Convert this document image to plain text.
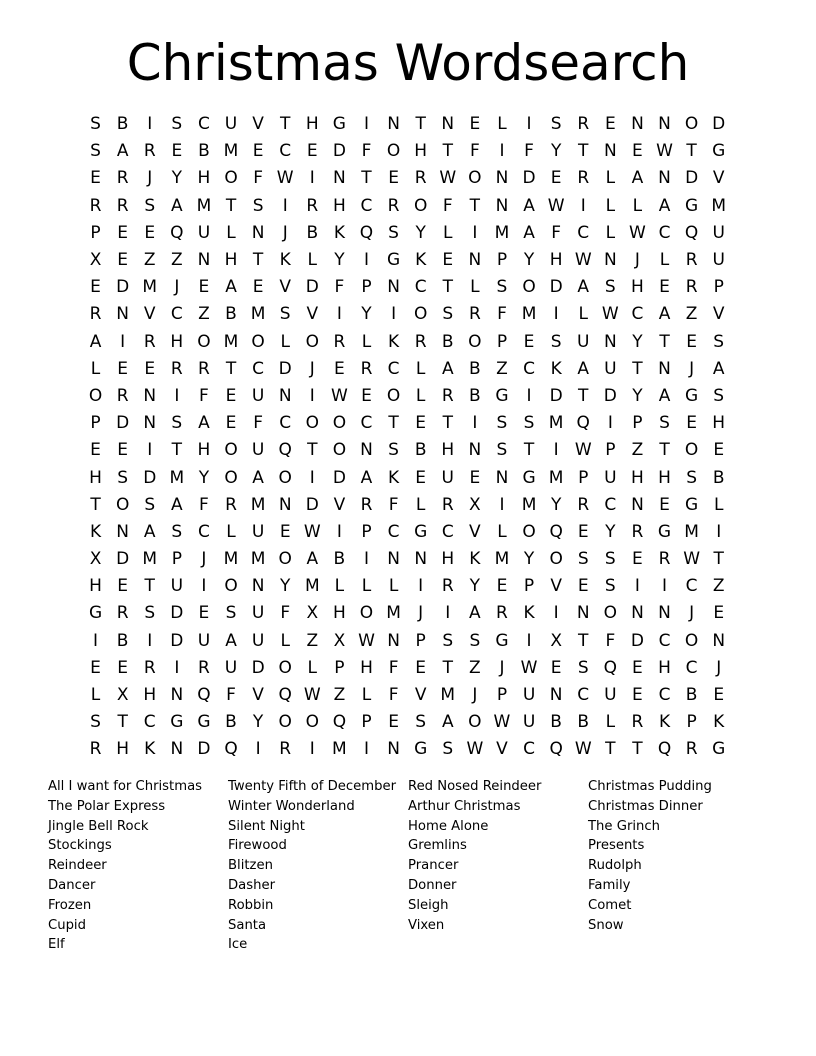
Christmas Wordsearch
S B	I	S C U V T H G	I	N T N E L	I	S R E N N O D
S A R E B M E C E D F O H T	F	I	F	Y T N E W T G
E R	J	Y H O F W I	N T E R W O N D E R L A N D V
R R S A M T S	I	R H C R O F	T N A W I	L	L A G M
P E E Q U L N	J	B K Q S Y	L	I	M A F C L W C Q U
X E Z Z N H T K L	Y	I	G K E N P Y H W N	J	L R U
E D M	J	E A E V D F	P N C T	L S O D A S H E R P
R N V C Z B M S V	I	Y	I	O S R F M	I	L W C A Z V
A	I	R H O M O L O R L K R B O P E S U N Y T E S
L E E R R T C D	J	E R C L A B Z C K A U T N	J	A
O R N	I	F E U N	I W E O L R B G	I	D T D Y A G S
P D N S A E F C O O C T E T	I	S S M Q	I	P S E H
E E	I	T H O U Q T O N S B H N S T	I W P Z T O E
H S D M Y O A O	I	D A K E U E N G M P U H H S B
T O S A F R M N D V R F	L R X	I	M Y R C N E G L
K N A S C L U E W I	P C G C V L O Q E Y R G M	I
X D M P	J	M M O A B	I	N N H K M Y O S S E R W T
H E T U	I	O N Y M L	L	L	I	R Y E P V E S	I	I	C Z
G R S D E S U F X H O M	J	I	A R K	I	N O N N	J	E
I	B	I	D U A U L Z X W N P S S G	I	X T	F D C O N
E E R	I	R U D O L	P H F E T Z	J W E S Q E H C	J
L X H N Q F V Q W Z L	F V M	J	P U N C U E C B E
S T C G G B Y O O Q P E S A O W U B B L R K P K
R H K N D Q	I	R	I	M	I	N G S W V C Q W T T Q R G
All I want for Christmas
The Polar Express
Jingle Bell Rock
Stockings
Reindeer
Dancer
Frozen
Cupid
Elf
Twenty Fifth of December
Winter Wonderland
Silent Night
Firewood
Blitzen
Dasher
Robbin
Santa
Ice
Red Nosed Reindeer
Arthur Christmas
Home Alone
Gremlins
Prancer
Donner
Sleigh
Vixen
Christmas Pudding
Christmas Dinner
The Grinch
Presents
Rudolph
Family
Comet
Snow
